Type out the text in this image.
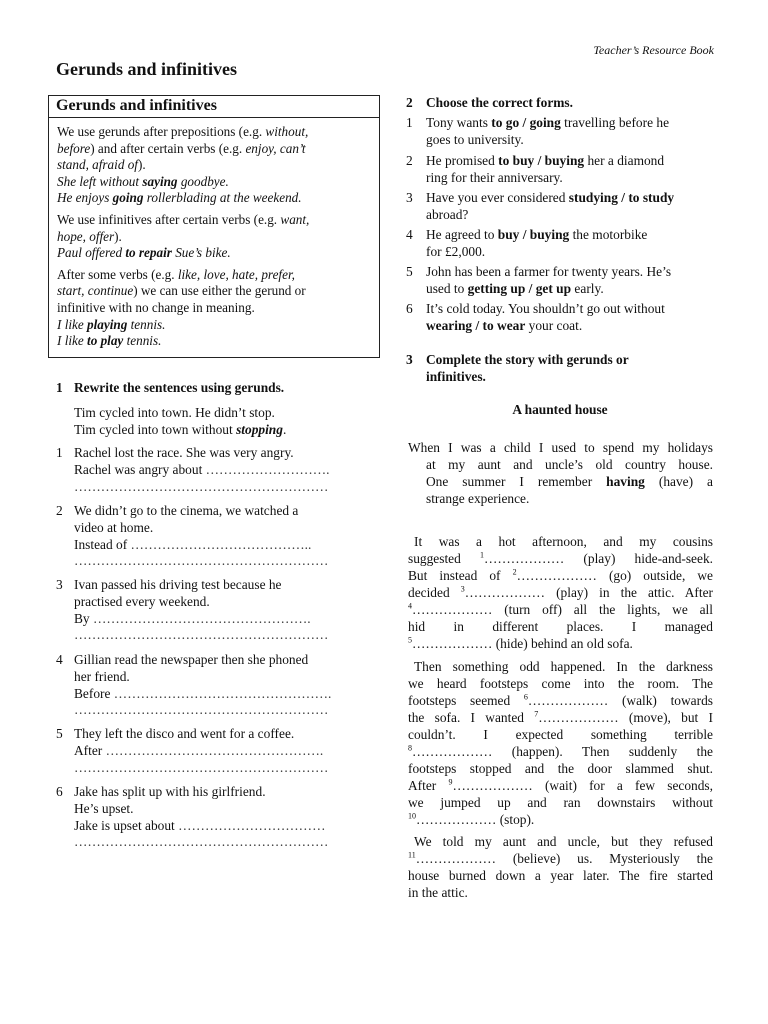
Teacher’s Resource Book
Gerunds and infinitives
Gerunds and infinitives

We use gerunds after prepositions (e.g. without,
before) and after certain verbs (e.g. enjoy, can’t
stand, afraid of).
She left without saying goodbye.
He enjoys going rollerblading at the weekend.

We use infinitives after certain verbs (e.g. want,
hope, offer).
Paul offered to repair Sue’s bike.

After some verbs (e.g. like, love, hate, prefer,
start, continue) we can use either the gerund or
infinitive with no change in meaning.
I like playing tennis.
I like to play tennis.

1 Rewrite the sentences using gerunds.
Tim cycled into town. He didn’t stop.
Tim cycled into town without stopping.
1 Rachel lost the race. She was very angry.
Rachel was angry about ……………………….
…………………………………………………
2 We didn’t go to the cinema, we watched a
video at home.
Instead of …………………………………..
…………………………………………………
3 Ivan passed his driving test because he
practised every weekend.
By ………………………………………….
…………………………………………………
4 Gillian read the newspaper then she phoned
her friend.
Before ………………………………………….
…………………………………………………
5 They left the disco and went for a coffee.
After ………………………………………….
…………………………………………………
6 Jake has split up with his girlfriend.
He’s upset.
Jake is upset about ……………………………
…………………………………………………
2 Choose the correct forms.
1 Tony wants to go / going travelling before he
goes to university.
2 He promised to buy / buying her a diamond
ring for their anniversary.
3 Have you ever considered studying / to study
abroad?
4 He agreed to buy / buying the motorbike
for £2,000.
5 John has been a farmer for twenty years. He’s
used to getting up / get up early.
6 It’s cold today. You shouldn’t go out without
wearing / to wear your coat.
3 Complete the story with gerunds or
infinitives.
A haunted house
When I was a child I used to spend my holidays
at my aunt and uncle’s old country house.
One summer I remember having (have) a
strange experience.
It was a hot afternoon, and my cousins
suggested $^1$……………… (play) hide-and-seek.
But instead of $^2$……………… (go) outside, we
decided $^3$……………… (play) in the attic. After
$^4$……………… (turn off) all the lights, we all
hid in different places. I managed
$^5$……………… (hide) behind an old sofa.
Then something odd happened. In the darkness
we heard footsteps come into the room. The
footsteps seemed $^6$……………… (walk) towards
the sofa. I wanted $^7$……………… (move), but I
couldn’t. I expected something terrible
$^8$……………… (happen). Then suddenly the
footsteps stopped and the door slammed shut.
After $^9$……………… (wait) for a few seconds,
we jumped up and ran downstairs without
$^{10}$……………… (stop).
We told my aunt and uncle, but they refused
$^{11}$……………… (believe) us. Mysteriously the
house burned down a year later. The fire started
in the attic.
